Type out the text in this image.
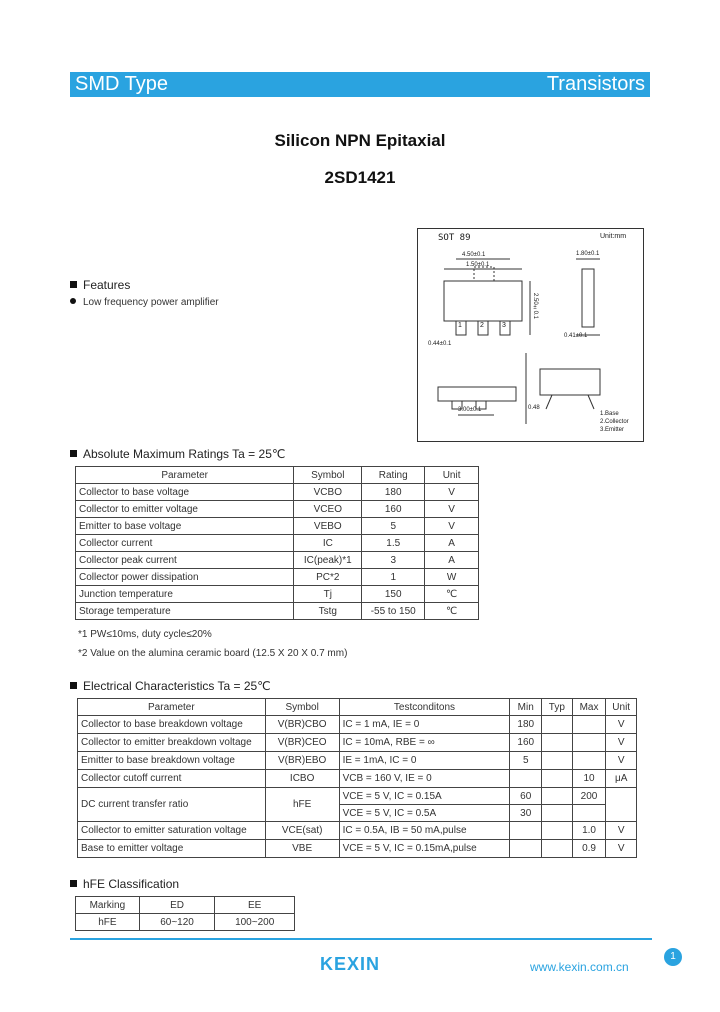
SMD Type	Transistors
Silicon NPN Epitaxial
2SD1421
Features
Low frequency power amplifier
SOT 89	Unit:mm
4.50±0.1
1.50±0.1
1.80±0.1
2.50±0.1
0.44±0.1
0.41±0.1
0.48
3.00±0.1
1	2	3
1.Base
2.Collector
3.Emitter
Absolute Maximum Ratings Ta = 25℃
Parameter	Symbol	Rating	Unit
Collector to base voltage	VCBO	180	V
Collector to emitter voltage	VCEO	160	V
Emitter to base voltage	VEBO	5	V
Collector current	IC	1.5	A
Collector peak current	IC(peak)*1	3	A
Collector power dissipation	PC*2	1	W
Junction temperature	Tj	150	℃
Storage temperature	Tstg	-55 to 150	℃
*1 PW≤10ms, duty cycle≤20%
*2 Value on the alumina ceramic board (12.5 X 20 X 0.7 mm)
Electrical Characteristics Ta = 25℃
Parameter	Symbol	Testconditons	Min	Typ	Max	Unit
Collector to base breakdown voltage	V(BR)CBO	IC = 1 mA, IE = 0	180			V
Collector to emitter breakdown voltage	V(BR)CEO	IC = 10mA, RBE = ∞	160			V
Emitter to base breakdown voltage	V(BR)EBO	IE = 1mA, IC = 0	5			V
Collector cutoff current	ICBO	VCB = 160 V, IE = 0			10	μA
DC current transfer ratio	hFE	VCE = 5 V, IC = 0.15A	60		200	
		VCE = 5 V, IC = 0.5A	30			
Collector to emitter saturation voltage	VCE(sat)	IC = 0.5A, IB = 50 mA,pulse			1.0	V
Base to emitter voltage	VBE	VCE = 5 V, IC = 0.15mA,pulse			0.9	V
hFE Classification
Marking	ED	EE
hFE	60~120	100~200
KEXIN	www.kexin.com.cn
1
